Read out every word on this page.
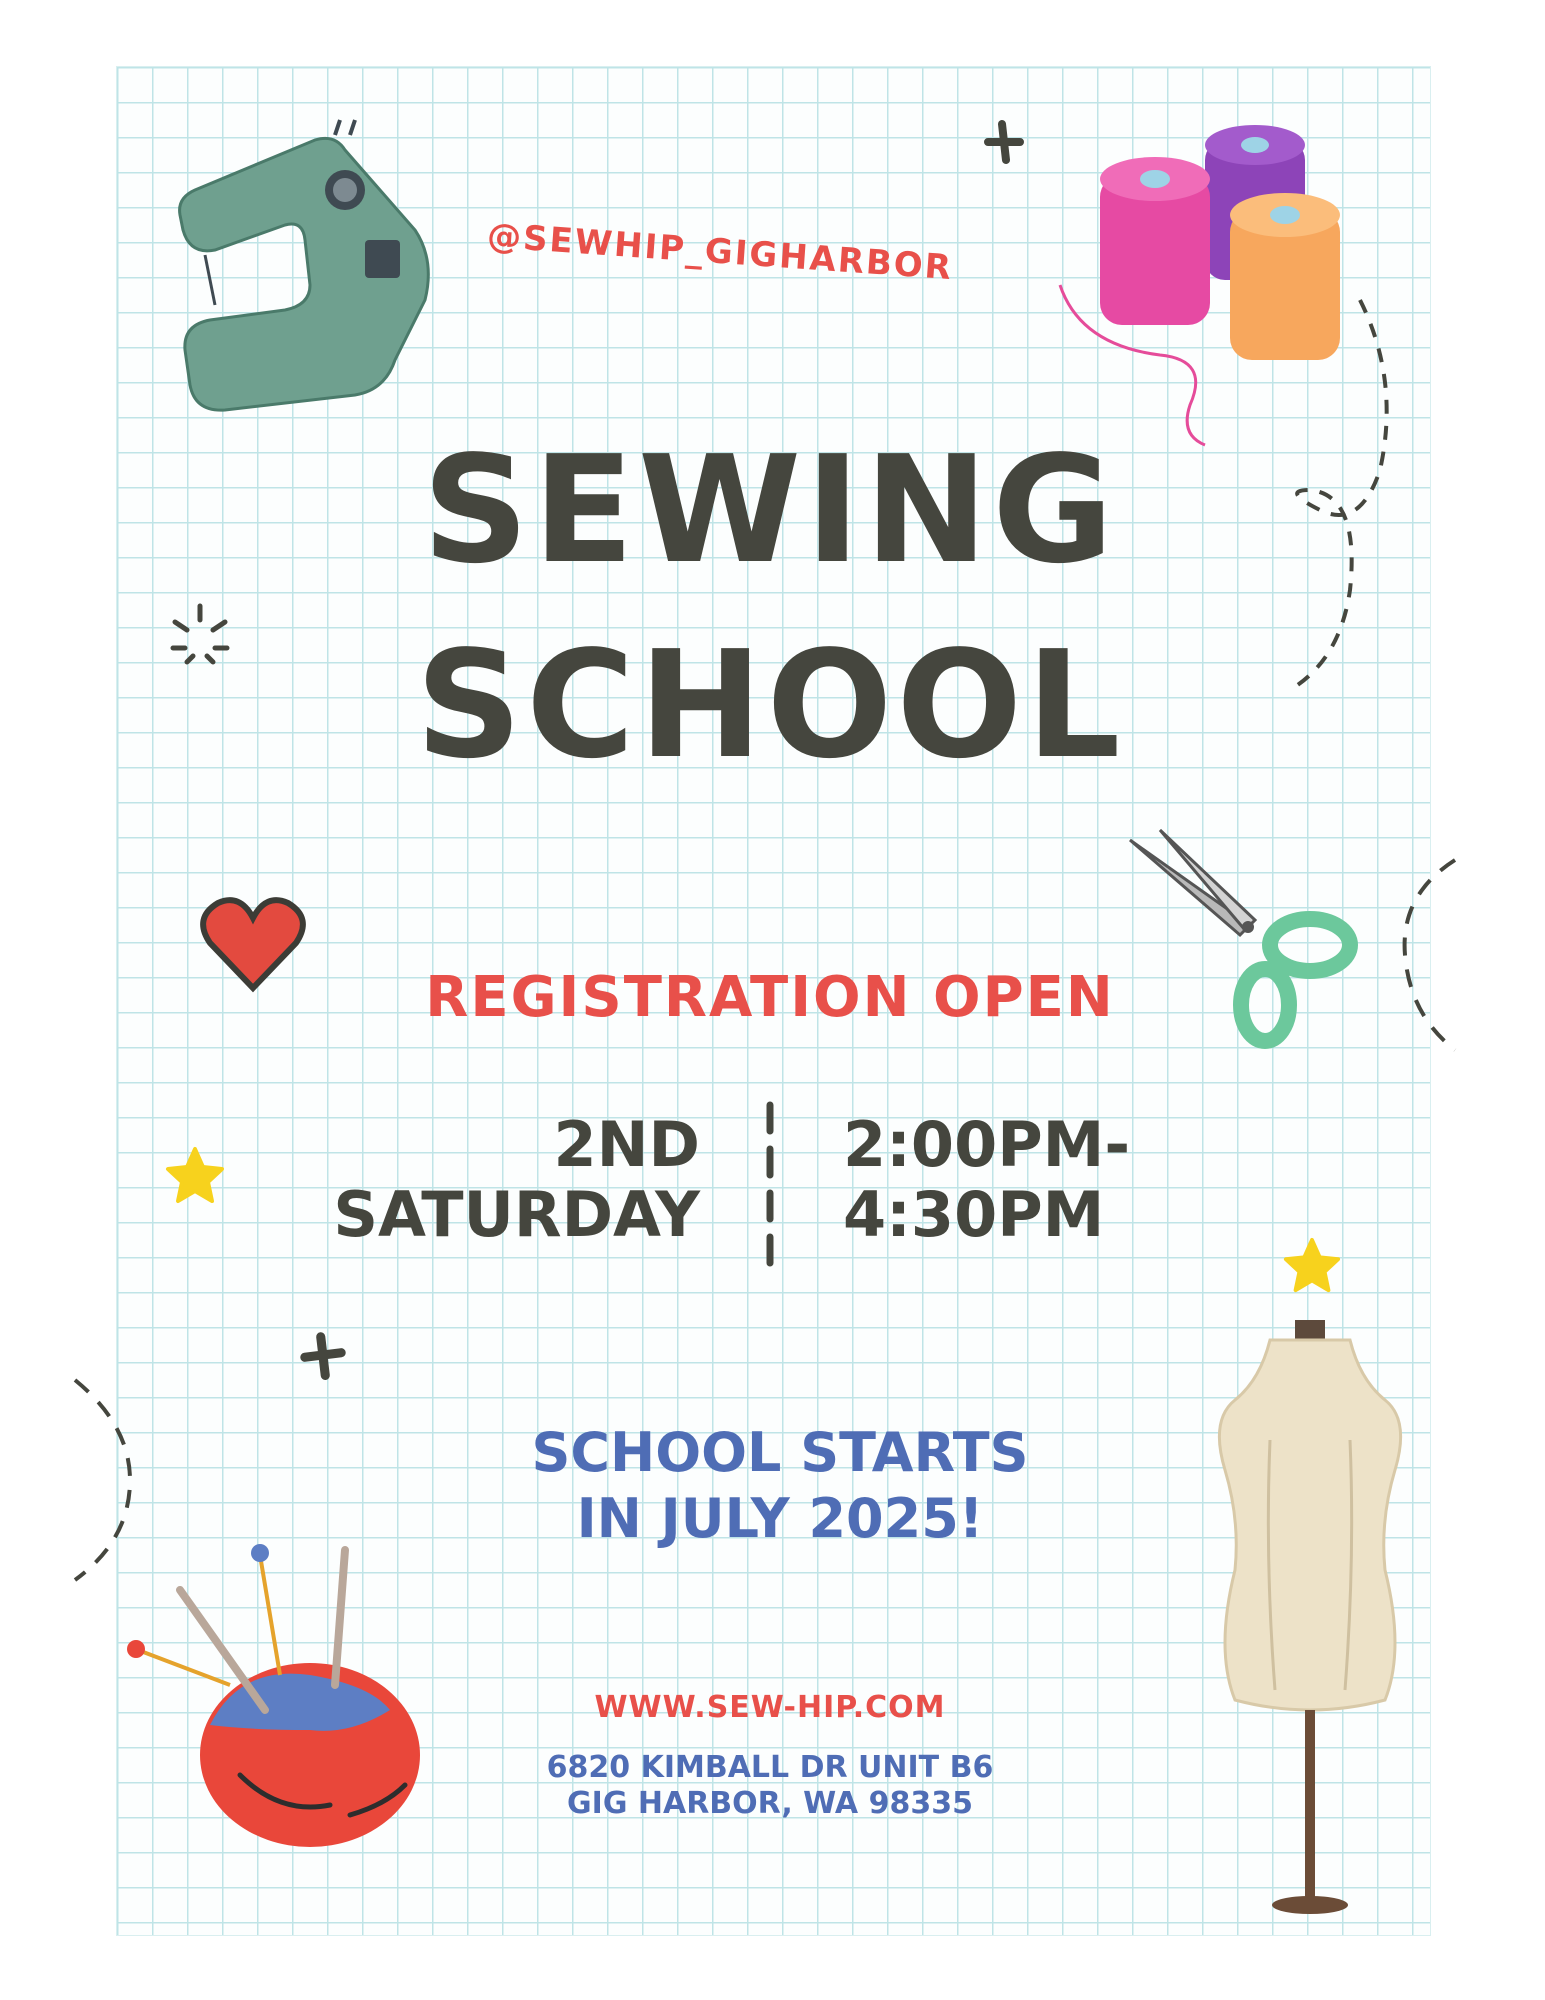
@SEWHIP_GIGHARBOR
SEWING
SCHOOL
REGISTRATION OPEN
2ND
SATURDAY
2:00PM-
4:30PM
SCHOOL STARTS
IN JULY 2025!
WWW.SEW-HIP.COM
6820 KIMBALL DR UNIT B6
GIG HARBOR, WA 98335
